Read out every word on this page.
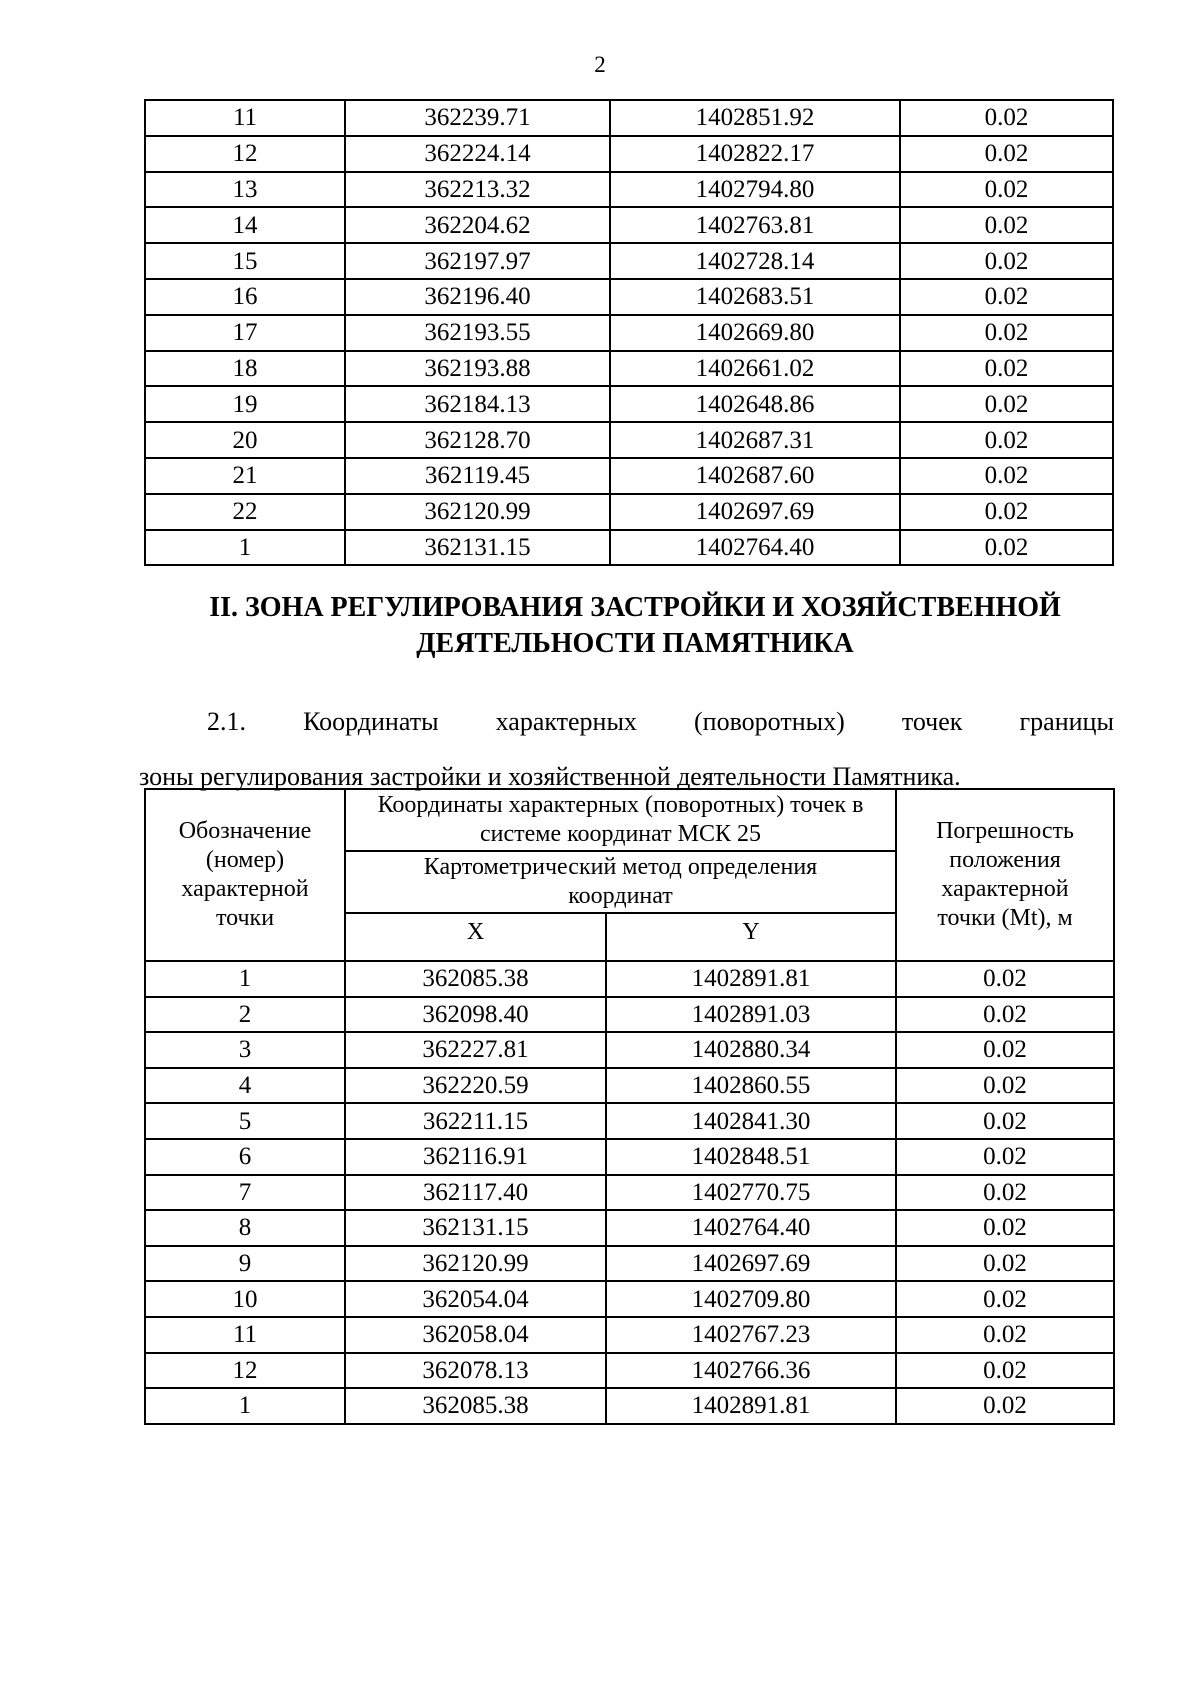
2
11	362239.71	1402851.92	0.02
12	362224.14	1402822.17	0.02
13	362213.32	1402794.80	0.02
14	362204.62	1402763.81	0.02
15	362197.97	1402728.14	0.02
16	362196.40	1402683.51	0.02
17	362193.55	1402669.80	0.02
18	362193.88	1402661.02	0.02
19	362184.13	1402648.86	0.02
20	362128.70	1402687.31	0.02
21	362119.45	1402687.60	0.02
22	362120.99	1402697.69	0.02
1	362131.15	1402764.40	0.02
II. ЗОНА РЕГУЛИРОВАНИЯ ЗАСТРОЙКИ И ХОЗЯЙСТВЕННОЙ
ДЕЯТЕЛЬНОСТИ ПАМЯТНИКА
2.1. Координаты характерных (поворотных) точек границы
зоны регулирования застройки и хозяйственной деятельности Памятника.
Обозначение (номер) характерной точки	Координаты характерных (поворотных) точек в системе координат МСК 25		Погрешность положения характерной точки (Mt), м
	Картометрический метод определения координат		
	X	Y	
1	362085.38	1402891.81	0.02
2	362098.40	1402891.03	0.02
3	362227.81	1402880.34	0.02
4	362220.59	1402860.55	0.02
5	362211.15	1402841.30	0.02
6	362116.91	1402848.51	0.02
7	362117.40	1402770.75	0.02
8	362131.15	1402764.40	0.02
9	362120.99	1402697.69	0.02
10	362054.04	1402709.80	0.02
11	362058.04	1402767.23	0.02
12	362078.13	1402766.36	0.02
1	362085.38	1402891.81	0.02
